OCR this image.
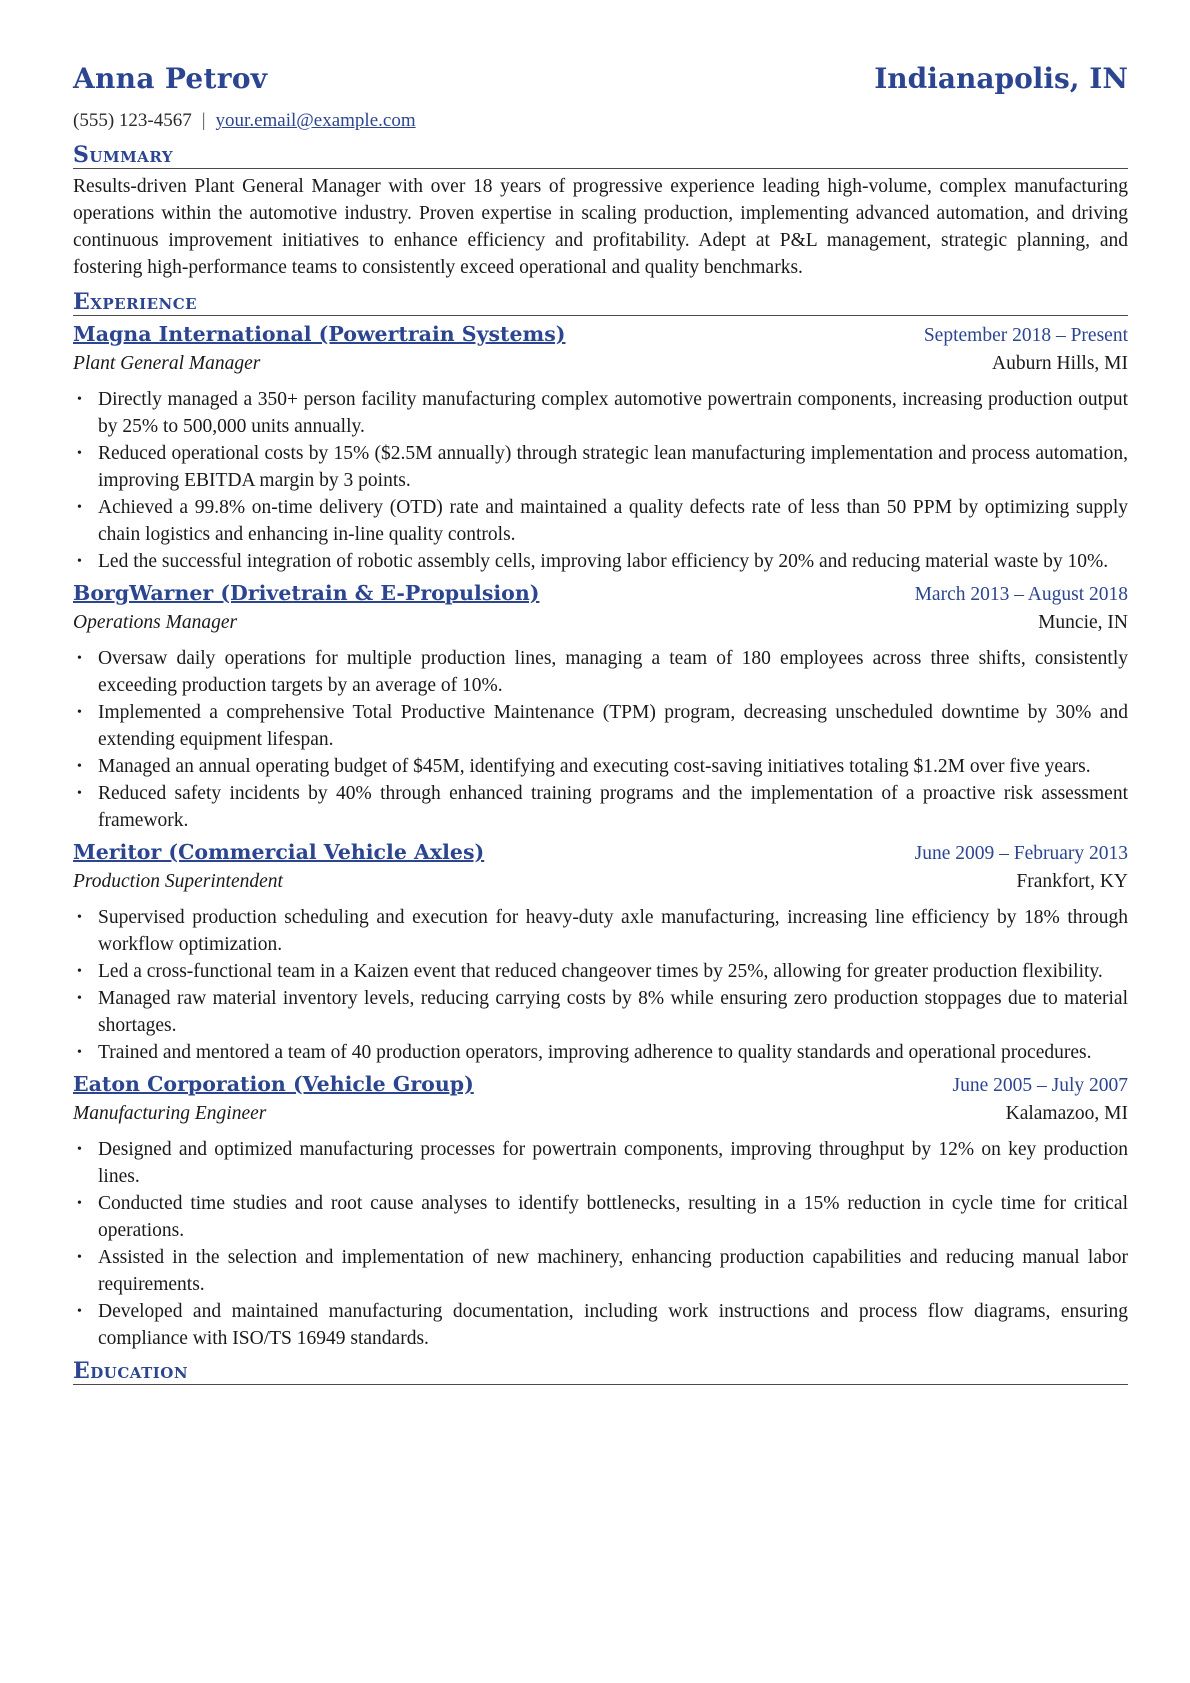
Anna Petrov	Indianapolis, IN
(555) 123-4567 | your.email@example.com
Summary
Results-driven Plant General Manager with over 18 years of progressive experience leading high-volume, complex manufacturing operations within the automotive industry. Proven expertise in scaling production, implementing advanced automation, and driving continuous improvement initiatives to enhance efficiency and profitability. Adept at P&L management, strategic planning, and fostering high-performance teams to consistently exceed operational and quality benchmarks.
Experience
Magna International (Powertrain Systems)	September 2018 – Present
Plant General Manager	Auburn Hills, MI
• Directly managed a 350+ person facility manufacturing complex automotive powertrain components, increasing production output by 25% to 500,000 units annually.
• Reduced operational costs by 15% ($2.5M annually) through strategic lean manufacturing implementation and process automation, improving EBITDA margin by 3 points.
• Achieved a 99.8% on-time delivery (OTD) rate and maintained a quality defects rate of less than 50 PPM by optimizing supply chain logistics and enhancing in-line quality controls.
• Led the successful integration of robotic assembly cells, improving labor efficiency by 20% and reducing material waste by 10%.
BorgWarner (Drivetrain & E-Propulsion)	March 2013 – August 2018
Operations Manager	Muncie, IN
• Oversaw daily operations for multiple production lines, managing a team of 180 employees across three shifts, consistently exceeding production targets by an average of 10%.
• Implemented a comprehensive Total Productive Maintenance (TPM) program, decreasing unscheduled downtime by 30% and extending equipment lifespan.
• Managed an annual operating budget of $45M, identifying and executing cost-saving initiatives totaling $1.2M over five years.
• Reduced safety incidents by 40% through enhanced training programs and the implementation of a proactive risk assessment framework.
Meritor (Commercial Vehicle Axles)	June 2009 – February 2013
Production Superintendent	Frankfort, KY
• Supervised production scheduling and execution for heavy-duty axle manufacturing, increasing line efficiency by 18% through workflow optimization.
• Led a cross-functional team in a Kaizen event that reduced changeover times by 25%, allowing for greater production flexibility.
• Managed raw material inventory levels, reducing carrying costs by 8% while ensuring zero production stoppages due to material shortages.
• Trained and mentored a team of 40 production operators, improving adherence to quality standards and operational procedures.
Eaton Corporation (Vehicle Group)	June 2005 – July 2007
Manufacturing Engineer	Kalamazoo, MI
• Designed and optimized manufacturing processes for powertrain components, improving throughput by 12% on key production lines.
• Conducted time studies and root cause analyses to identify bottlenecks, resulting in a 15% reduction in cycle time for critical operations.
• Assisted in the selection and implementation of new machinery, enhancing production capabilities and reducing manual labor requirements.
• Developed and maintained manufacturing documentation, including work instructions and process flow diagrams, ensuring compliance with ISO/TS 16949 standards.
Education
